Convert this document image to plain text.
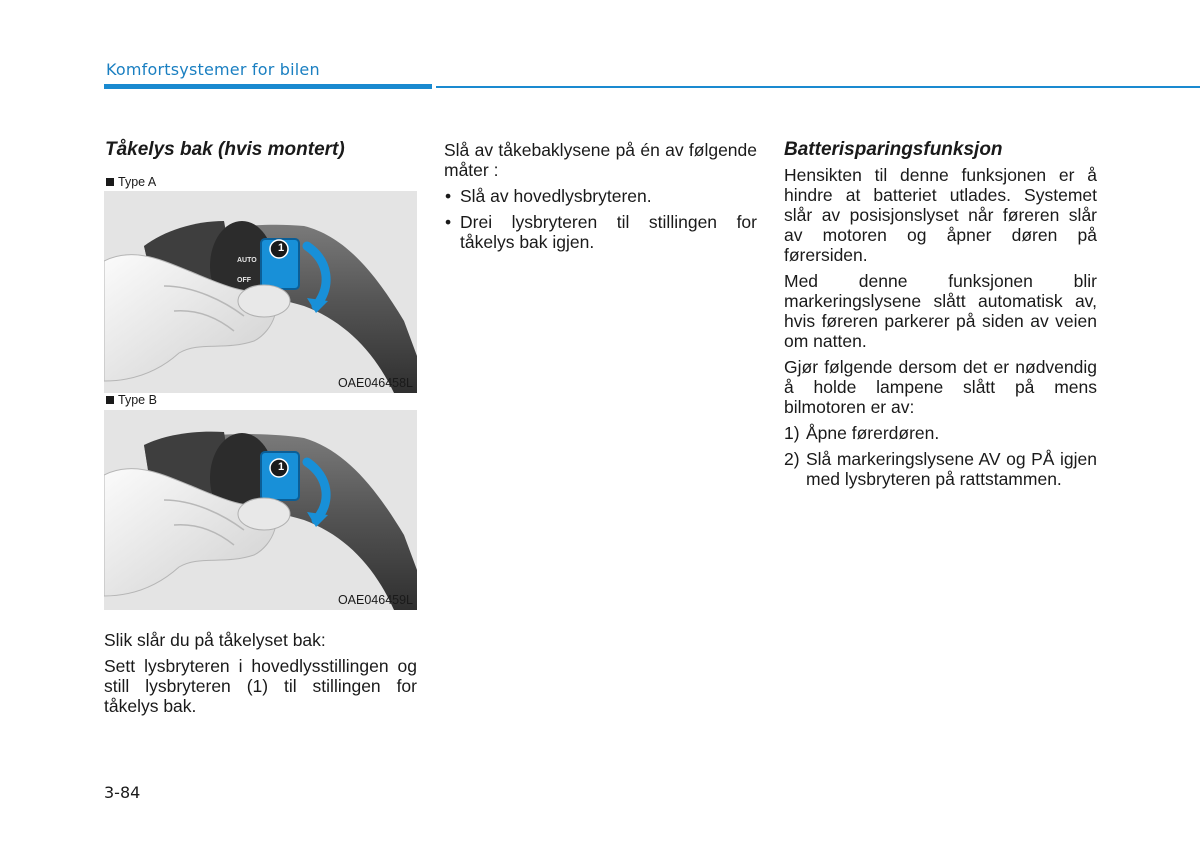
Komfortsystemer for bilen
Tåkelys bak (hvis montert)
Type A
AUTO
OFF
1
OAE046458L
Type B
1
OAE046459L

Slik slår du på tåkelyset bak:

Sett lysbryteren i hovedlysstillingen og still lysbryteren (1) til stillingen for tåkelys bak.

Slå av tåkebaklysene på én av følgende måter :

• Slå av hovedlysbryteren.
• Drei lysbryteren til stillingen for tåkelys bak igjen.
Batterisparingsfunksjon

Hensikten til denne funksjonen er å hindre at batteriet utlades. Systemet slår av posisjonslyset når føreren slår av motoren og åpner døren på førersiden.

Med denne funksjonen blir markeringslysene slått automatisk av, hvis føreren parkerer på siden av veien om natten.

Gjør følgende dersom det er nødvendig å holde lampene slått på mens bilmotoren er av:

1) Åpne førerdøren.
2) Slå markeringslysene AV og PÅ igjen med lysbryteren på rattstammen.
3-84
